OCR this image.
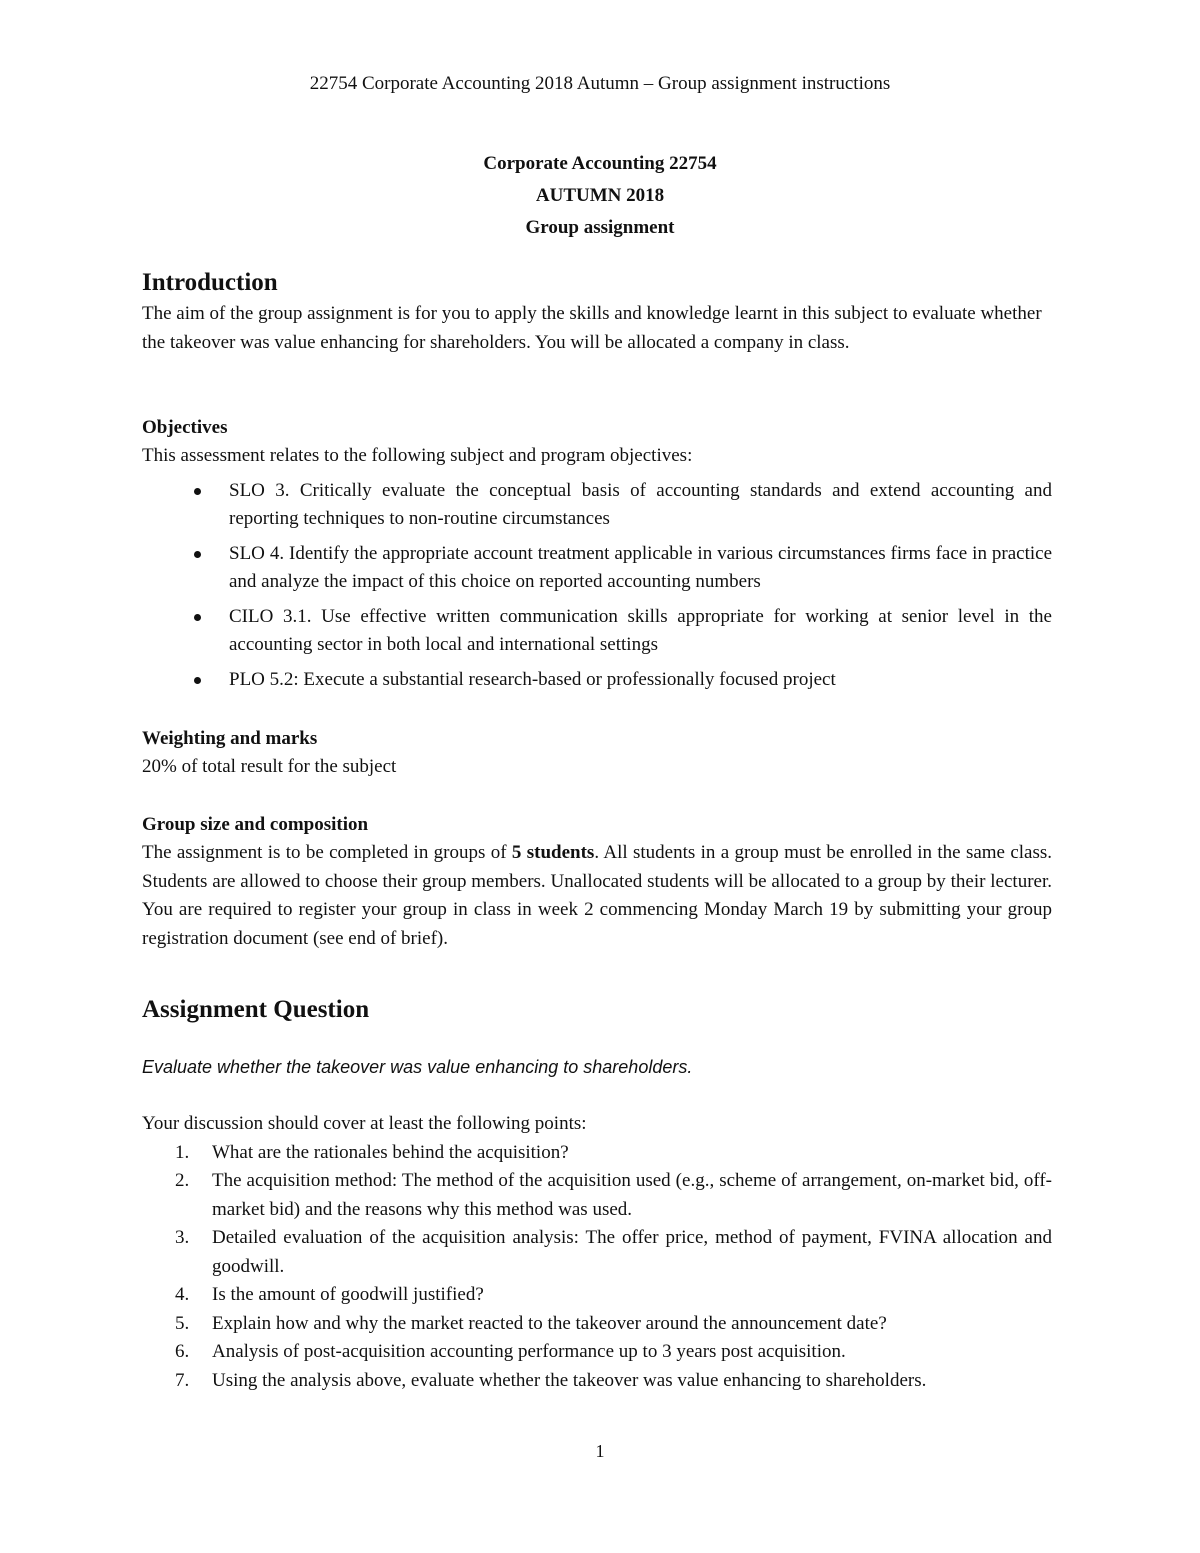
22754 Corporate Accounting 2018 Autumn – Group assignment instructions
Corporate Accounting 22754
AUTUMN 2018
Group assignment
Introduction
The aim of the group assignment is for you to apply the skills and knowledge learnt in this subject to evaluate whether the takeover was value enhancing for shareholders. You will be allocated a company in class.
Objectives
This assessment relates to the following subject and program objectives:
SLO 3. Critically evaluate the conceptual basis of accounting standards and extend accounting and reporting techniques to non-routine circumstances
SLO 4. Identify the appropriate account treatment applicable in various circumstances firms face in practice and analyze the impact of this choice on reported accounting numbers
CILO 3.1. Use effective written communication skills appropriate for working at senior level in the accounting sector in both local and international settings
PLO 5.2: Execute a substantial research-based or professionally focused project
Weighting and marks
20% of total result for the subject
Group size and composition
The assignment is to be completed in groups of 5 students. All students in a group must be enrolled in the same class. Students are allowed to choose their group members. Unallocated students will be allocated to a group by their lecturer. You are required to register your group in class in week 2 commencing Monday March 19 by submitting your group registration document (see end of brief).
Assignment Question
Evaluate whether the takeover was value enhancing to shareholders.
Your discussion should cover at least the following points:
1. What are the rationales behind the acquisition?
2. The acquisition method: The method of the acquisition used (e.g., scheme of arrangement, on-market bid, off-market bid) and the reasons why this method was used.
3. Detailed evaluation of the acquisition analysis: The offer price, method of payment, FVINA allocation and goodwill.
4. Is the amount of goodwill justified?
5. Explain how and why the market reacted to the takeover around the announcement date?
6. Analysis of post-acquisition accounting performance up to 3 years post acquisition.
7. Using the analysis above, evaluate whether the takeover was value enhancing to shareholders.
1
